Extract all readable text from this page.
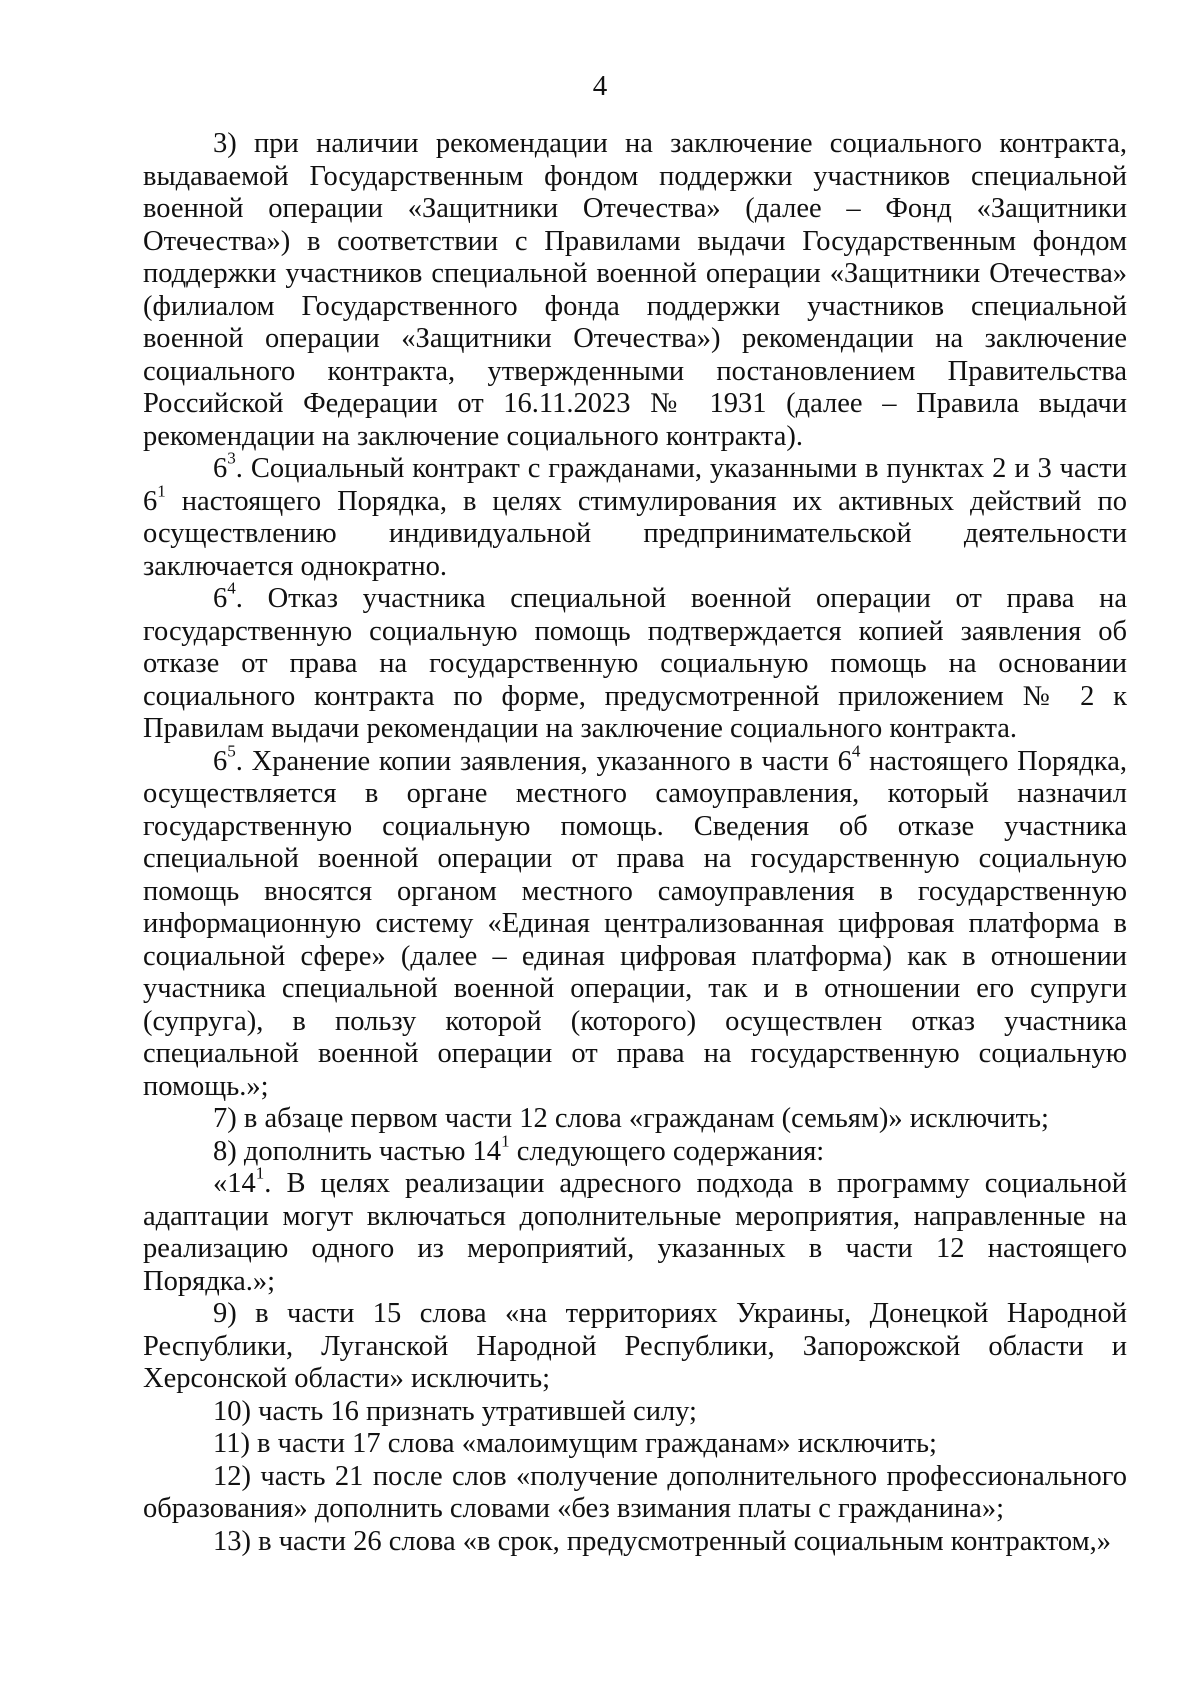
4

3) при наличии рекомендации на заключение социального контракта, выдаваемой Государственным фондом поддержки участников специальной военной операции «Защитники Отечества» (далее – Фонд «Защитники Отечества») в соответствии с Правилами выдачи Государственным фондом поддержки участников специальной военной операции «Защитники Отечества» (филиалом Государственного фонда поддержки участников специальной военной операции «Защитники Отечества») рекомендации на заключение социального контракта, утвержденными постановлением Правительства Российской Федерации от 16.11.2023 № 1931 (далее – Правила выдачи рекомендации на заключение социального контракта).

$6^3$. Социальный контракт с гражданами, указанными в пунктах 2 и 3 части $6^1$ настоящего Порядка, в целях стимулирования их активных действий по осуществлению индивидуальной предпринимательской деятельности заключается однократно.

$6^4$. Отказ участника специальной военной операции от права на государственную социальную помощь подтверждается копией заявления об отказе от права на государственную социальную помощь на основании социального контракта по форме, предусмотренной приложением № 2 к Правилам выдачи рекомендации на заключение социального контракта.

$6^5$. Хранение копии заявления, указанного в части $6^4$ настоящего Порядка, осуществляется в органе местного самоуправления, который назначил государственную социальную помощь. Сведения об отказе участника специальной военной операции от права на государственную социальную помощь вносятся органом местного самоуправления в государственную информационную систему «Единая централизованная цифровая платформа в социальной сфере» (далее – единая цифровая платформа) как в отношении участника специальной военной операции, так и в отношении его супруги (супруга), в пользу которой (которого) осуществлен отказ участника специальной военной операции от права на государственную социальную помощь.»;

7) в абзаце первом части 12 слова «гражданам (семьям)» исключить;

8) дополнить частью $14^1$ следующего содержания:

«$14^1$. В целях реализации адресного подхода в программу социальной адаптации могут включаться дополнительные мероприятия, направленные на реализацию одного из мероприятий, указанных в части 12 настоящего Порядка.»;

9) в части 15 слова «на территориях Украины, Донецкой Народной Республики, Луганской Народной Республики, Запорожской области и Херсонской области» исключить;

10) часть 16 признать утратившей силу;

11) в части 17 слова «малоимущим гражданам» исключить;

12) часть 21 после слов «получение дополнительного профессионального образования» дополнить словами «без взимания платы с гражданина»;

13) в части 26 слова «в срок, предусмотренный социальным контрактом,»
